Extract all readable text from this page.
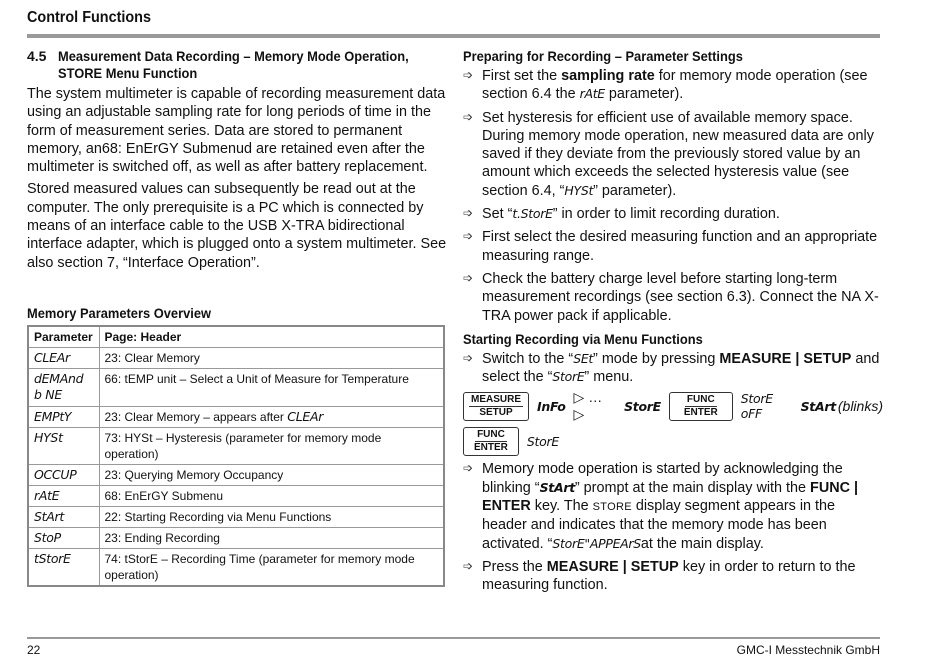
Control Functions
4.5 Measurement Data Recording – Memory Mode Operation, STORE Menu Function

The system multimeter is capable of recording measurement data using an adjustable sampling rate for long periods of time in the form of measurement series. Data are stored to permanent memory, an68: EnErGY Submenud are retained even after the multimeter is switched off, as well as after battery replacement.

Stored measured values can subsequently be read out at the computer. The only prerequisite is a PC which is connected by means of an interface cable to the USB X-TRA bidirectional interface adapter, which is plugged onto a system multimeter. See also section 7, “Interface Operation”.

Memory Parameters Overview
Parameter	Page: Header
CLEAr	23: Clear Memory
dEMAnd b NE	66: tEMP unit – Select a Unit of Measure for Temperature
EMPtY	23: Clear Memory – appears after CLEAr
HYSt	73: HYSt – Hysteresis (parameter for memory mode operation)
OCCUP	23: Querying Memory Occupancy
rAtE	68: EnErGY Submenu
StArt	22: Starting Recording via Menu Functions
StoP	23: Ending Recording
tStorE	74: tStorE – Recording Time (parameter for memory mode operation)
Preparing for Recording – Parameter Settings
➩ First set the sampling rate for memory mode operation (see section 6.4 the rAtE parameter).

➩ Set hysteresis for efficient use of available memory space. During memory mode operation, new measured data are only saved if they deviate from the previously stored value by an amount which exceeds the selected hysteresis value (see section 6.4, “HYSt” parameter).

➩ Set “t.StorE” in order to limit recording duration.

➩ First select the desired measuring function and an appropriate measuring range.

➩ Check the battery charge level before starting long-term measurement recordings (see section 6.3). Connect the NA X-TRA power pack if applicable.

Starting Recording via Menu Functions
➩ Switch to the “SEt” mode by pressing MEASURE | SETUP and select the “StorE” menu.

MEASURE
SETUP InFo
▷ … ▷	StorE	FUNC
ENTER
StorE oFF	StArt (blinks)
FUNC
ENTER StorE
➩ Memory mode operation is started by acknowledging the blinking “StArt” prompt at the main display with the FUNC | ENTER key. The STORE display segment appears in the header and indicates that the memory mode has been activated. “StorE"APPEArSat the main display.

➩ Press the MEASURE | SETUP key in order to return to the measuring function.

22	GMC-I Messtechnik GmbH
